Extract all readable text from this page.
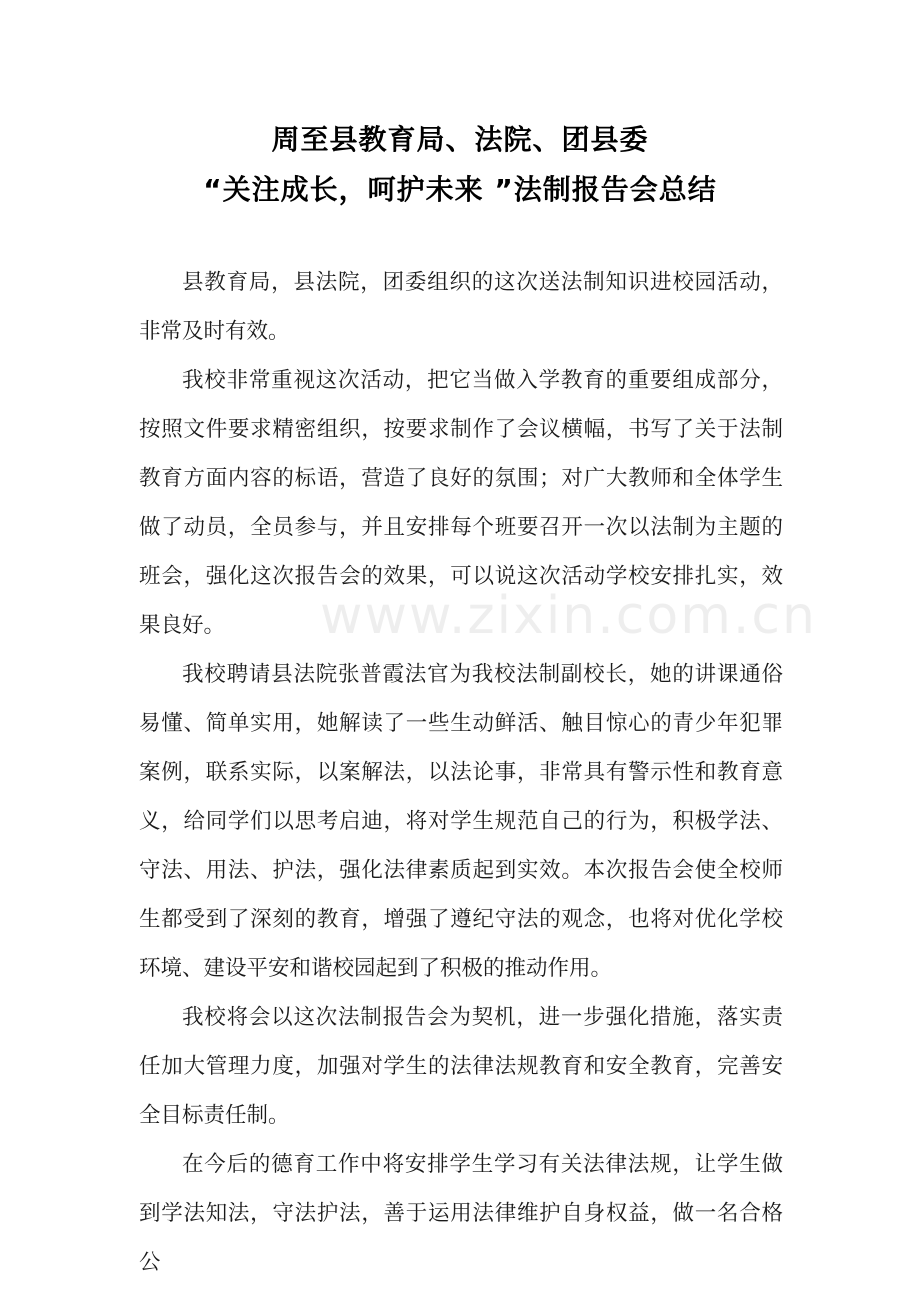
周至县教育局、法院、团县委
“关注成长，呵护未来 ”法制报告会总结

县教育局，县法院，团委组织的这次送法制知识进校园活动，非常及时有效。

我校非常重视这次活动，把它当做入学教育的重要组成部分，按照文件要求精密组织，按要求制作了会议横幅，书写了关于法制教育方面内容的标语，营造了良好的氛围；对广大教师和全体学生做了动员，全员参与，并且安排每个班要召开一次以法制为主题的班会，强化这次报告会的效果，可以说这次活动学校安排扎实，效果良好。

我校聘请县法院张普霞法官为我校法制副校长，她的讲课通俗易懂、简单实用，她解读了一些生动鲜活、触目惊心的青少年犯罪案例，联系实际，以案解法，以法论事，非常具有警示性和教育意义，给同学们以思考启迪，将对学生规范自己的行为，积极学法、守法、用法、护法，强化法律素质起到实效。本次报告会使全校师生都受到了深刻的教育，增强了遵纪守法的观念，也将对优化学校环境、建设平安和谐校园起到了积极的推动作用。

我校将会以这次法制报告会为契机，进一步强化措施，落实责任加大管理力度，加强对学生的法律法规教育和安全教育，完善安全目标责任制。

在今后的德育工作中将安排学生学习有关法律法规，让学生做到学法知法，守法护法，善于运用法律维护自身权益，做一名合格公

www.zixin.com.cn
